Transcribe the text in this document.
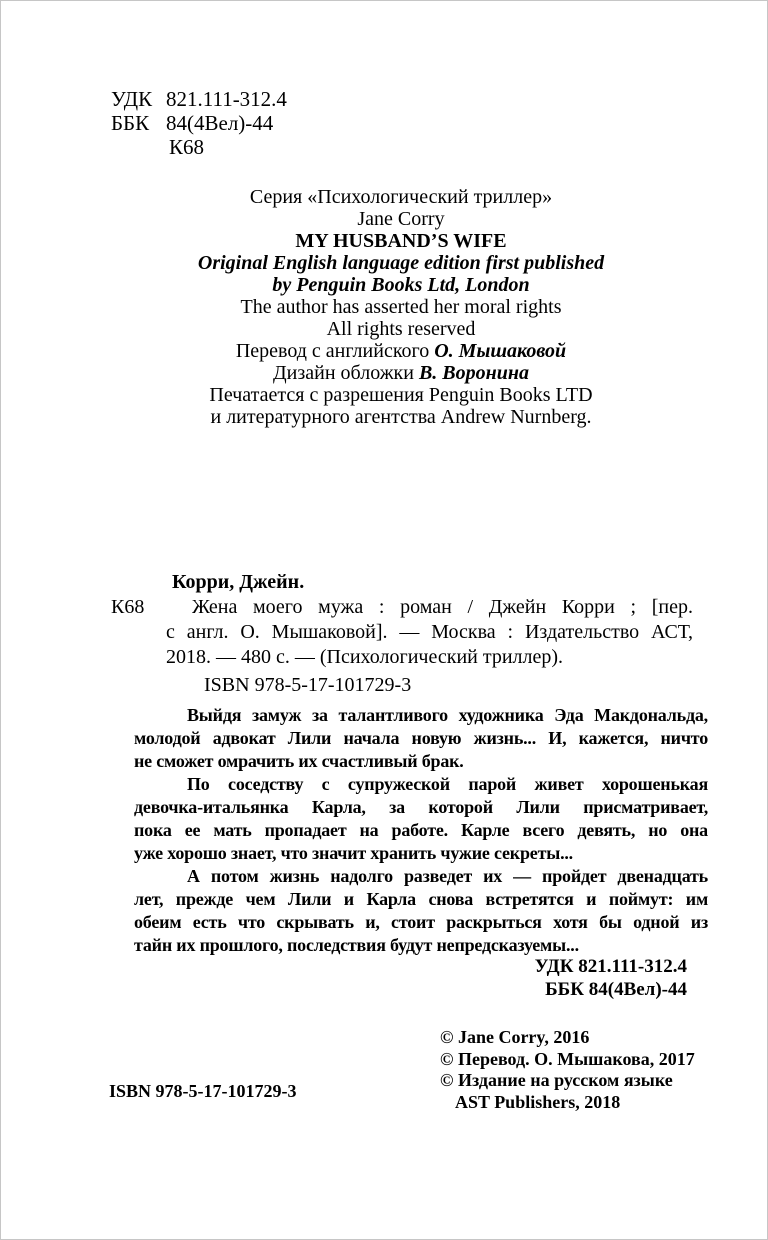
УДК 821.111-312.4
ББК 84(4Вел)-44
К68
Серия «Психологический триллер»
Jane Corry
MY HUSBAND’S WIFE
Original English language edition first published
by Penguin Books Ltd, London
The author has asserted her moral rights
All rights reserved
Перевод с английского О. Мышаковой
Дизайн обложки В. Воронина
Печатается с разрешения Penguin Books LTD
и литературного агентства Andrew Nurnberg.
Корри, Джейн.
К68	Жена моего мужа : роман / Джейн Корри ; [пер.
с англ. О. Мышаковой]. — Москва : Издательство АСТ,
2018. — 480 с. — (Психологический триллер).
ISBN 978-5-17-101729-3
Выйдя замуж за талантливого художника Эда Макдональда,
молодой адвокат Лили начала новую жизнь... И, кажется, ничто
не сможет омрачить их счастливый брак.
По соседству с супружеской парой живет хорошенькая
девочка-итальянка Карла, за которой Лили присматривает,
пока ее мать пропадает на работе. Карле всего девять, но она
уже хорошо знает, что значит хранить чужие секреты...
А потом жизнь надолго разведет их — пройдет двенадцать
лет, прежде чем Лили и Карла снова встретятся и поймут: им
обеим есть что скрывать и, стоит раскрыться хотя бы одной из
тайн их прошлого, последствия будут непредсказуемы...
УДК 821.111-312.4
ББК 84(4Вел)-44
© Jane Corry, 2016
© Перевод. О. Мышакова, 2017
© Издание на русском языке
AST Publishers, 2018
ISBN 978-5-17-101729-3
